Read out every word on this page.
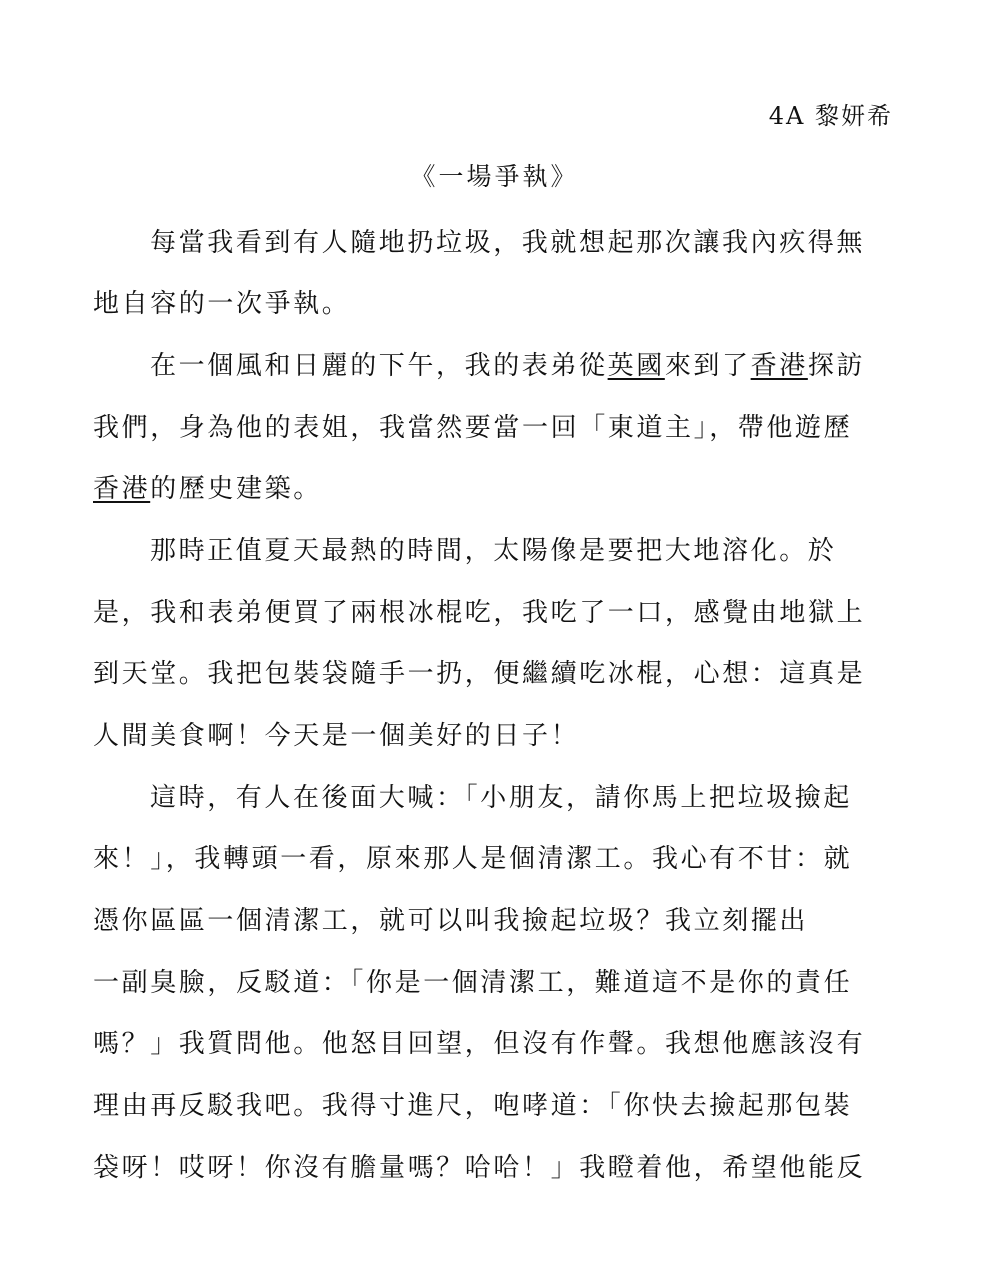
4A 黎妍希
《一場爭執》
每當我看到有人隨地扔垃圾，我就想起那次讓我內疚得無
地自容的一次爭執。
在一個風和日麗的下午，我的表弟從英國來到了香港探訪
我們，身為他的表姐，我當然要當一回「東道主」，帶他遊歷
香港的歷史建築。
那時正值夏天最熱的時間，太陽像是要把大地溶化。於
是，我和表弟便買了兩根冰棍吃，我吃了一口，感覺由地獄上
到天堂。我把包裝袋隨手一扔，便繼續吃冰棍，心想：這真是
人間美食啊！今天是一個美好的日子！
這時，有人在後面大喊：「小朋友，請你馬上把垃圾撿起
來！」，我轉頭一看，原來那人是個清潔工。我心有不甘：就
憑你區區一個清潔工，就可以叫我撿起垃圾？我立刻擺出
一副臭臉，反駁道：「你是一個清潔工，難道這不是你的責任
嗎？」我質問他。他怒目回望，但沒有作聲。我想他應該沒有
理由再反駁我吧。我得寸進尺，咆哮道：「你快去撿起那包裝
袋呀！哎呀！你沒有膽量嗎？哈哈！」我瞪着他，希望他能反
